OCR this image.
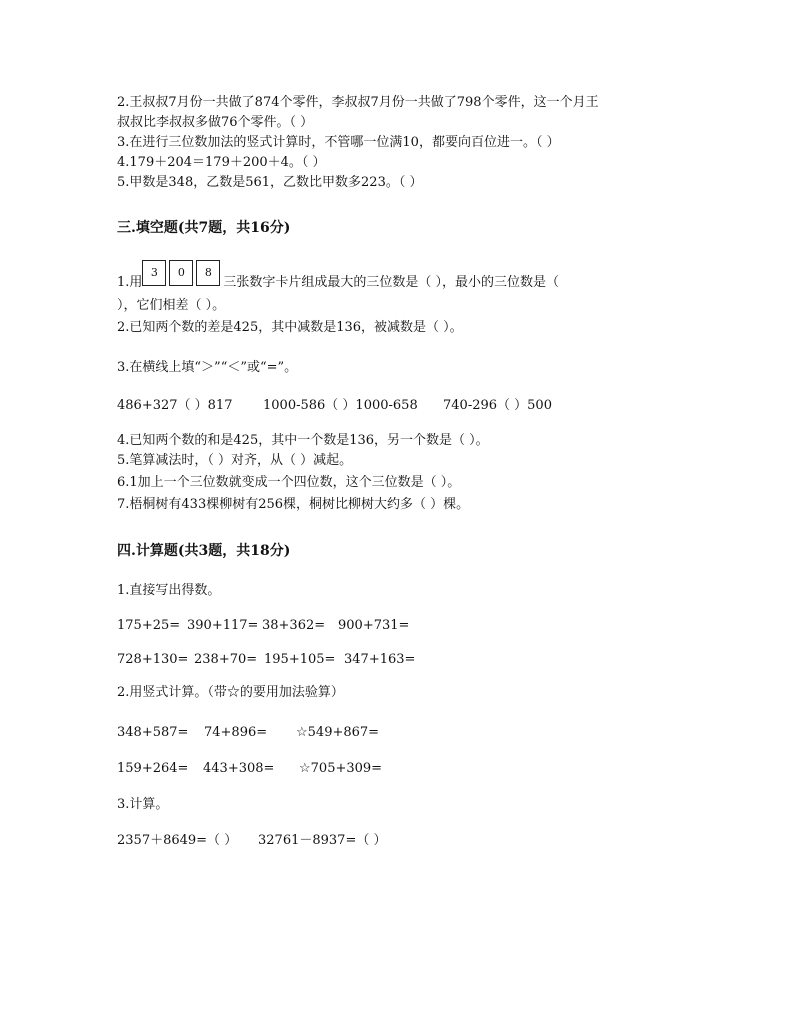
2.王叔叔7月份一共做了874个零件，李叔叔7月份一共做了798个零件，这一个月王
叔叔比李叔叔多做76个零件。（ ）
3.在进行三位数加法的竖式计算时，不管哪一位满10，都要向百位进一。（ ）
4.179＋204＝179＋200＋4。（ ）
5.甲数是348，乙数是561，乙数比甲数多223。（ ）
三.填空题(共7题，共16分)
1.用
3	0	8
三张数字卡片组成最大的三位数是（ ），最小的三位数是（
），它们相差（ ）。
2.已知两个数的差是425，其中减数是136，被减数是（ ）。
3.在横线上填“＞”“＜”或“=”。
486+327（ ）817 1000-586（ ）1000-658 740-296（ ）500
4.已知两个数的和是425，其中一个数是136，另一个数是（ ）。
5.笔算减法时，（ ）对齐，从（ ）减起。
6.1加上一个三位数就变成一个四位数，这个三位数是（ ）。
7.梧桐树有433棵柳树有256棵，桐树比柳树大约多（ ）棵。
四.计算题(共3题，共18分)
1.直接写出得数。
175+25= 390+117= 38+362= 900+731=
728+130= 238+70= 195+105= 347+163=
2.用竖式计算。（带☆的要用加法验算）
348+587= 74+896= ☆549+867=
159+264= 443+308= ☆705+309=
3.计算。
2357＋8649=（ ） 32761－8937=（ ）
